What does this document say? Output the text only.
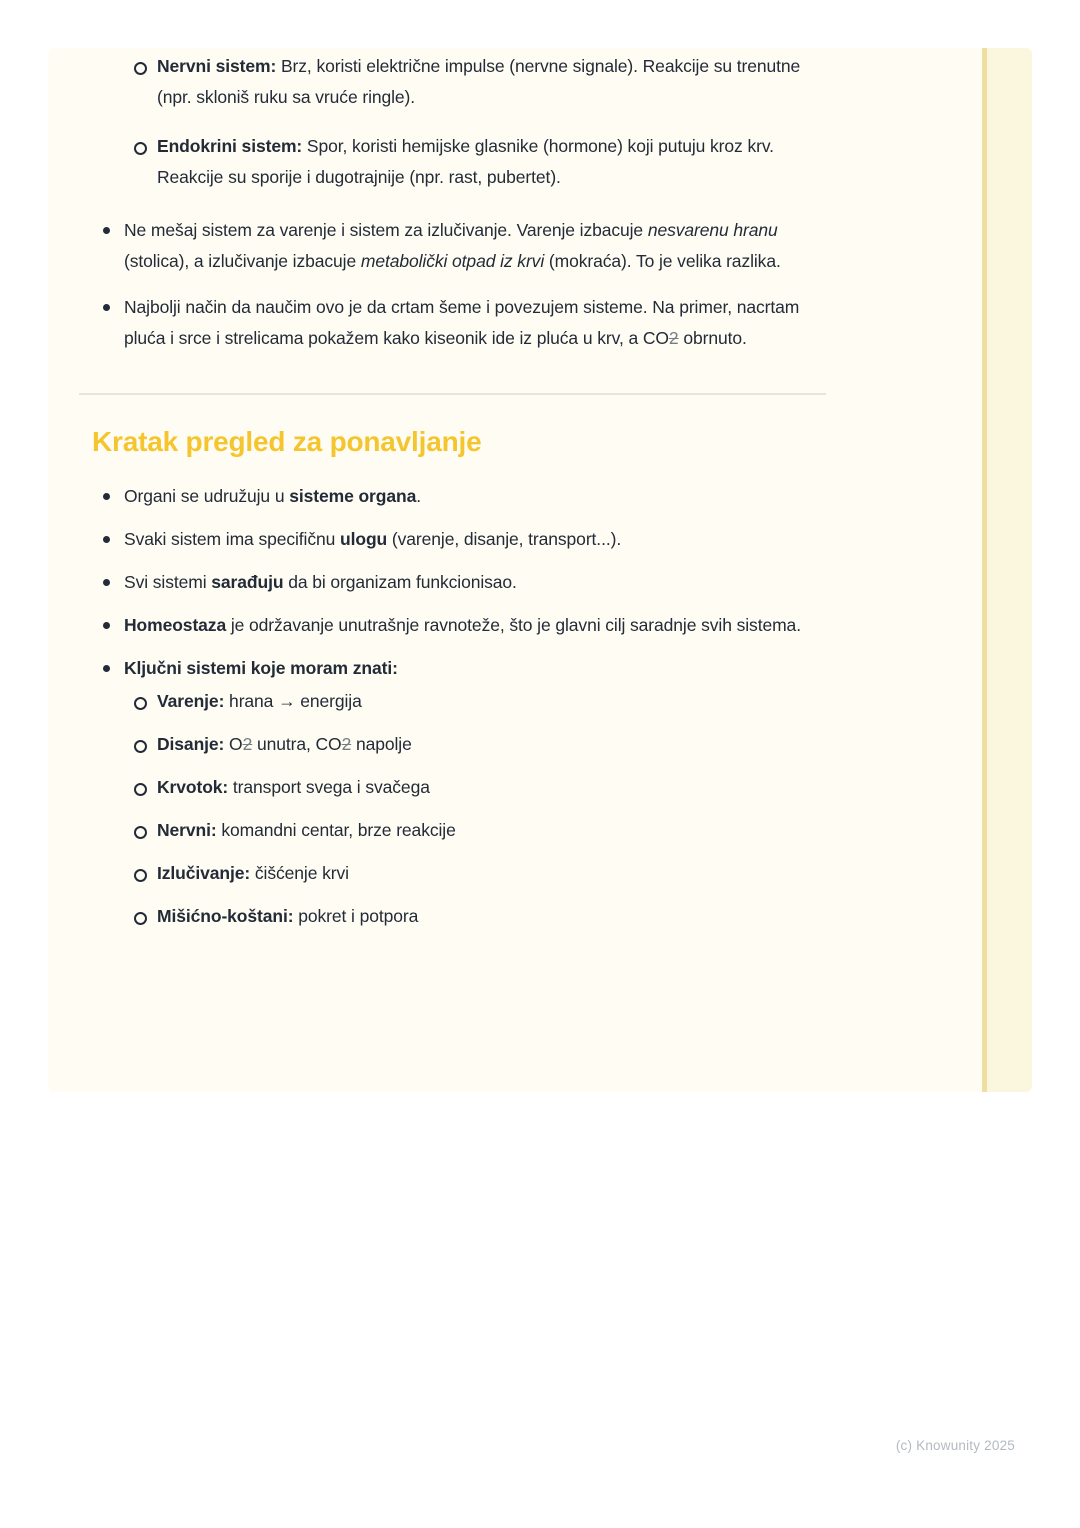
Nervni sistem: Brz, koristi električne impulse (nervne signale). Reakcije su trenutne (npr. skloniš ruku sa vruće ringle).
Endokrini sistem: Spor, koristi hemijske glasnike (hormone) koji putuju kroz krv. Reakcije su sporije i dugotrajnije (npr. rast, pubertet).
Ne mešaj sistem za varenje i sistem za izlučivanje. Varenje izbacuje nesvarenu hranu (stolica), a izlučivanje izbacuje metabolički otpad iz krvi (mokraća). To je velika razlika.
Najbolji način da naučim ovo je da crtam šeme i povezujem sisteme. Na primer, nacrtam pluća i srce i strelicama pokažem kako kiseonik ide iz pluća u krv, a CO2 obrnuto.
Kratak pregled za ponavljanje
Organi se udružuju u sisteme organa.
Svaki sistem ima specifičnu ulogu (varenje, disanje, transport...).
Svi sistemi sarađuju da bi organizam funkcionisao.
Homeostaza je održavanje unutrašnje ravnoteže, što je glavni cilj saradnje svih sistema.
Ključni sistemi koje moram znati:
Varenje: hrana → energija
Disanje: O2 unutra, CO2 napolje
Krvotok: transport svega i svačega
Nervni: komandni centar, brze reakcije
Izlučivanje: čišćenje krvi
Mišićno-koštani: pokret i potpora
(c) Knowunity 2025
